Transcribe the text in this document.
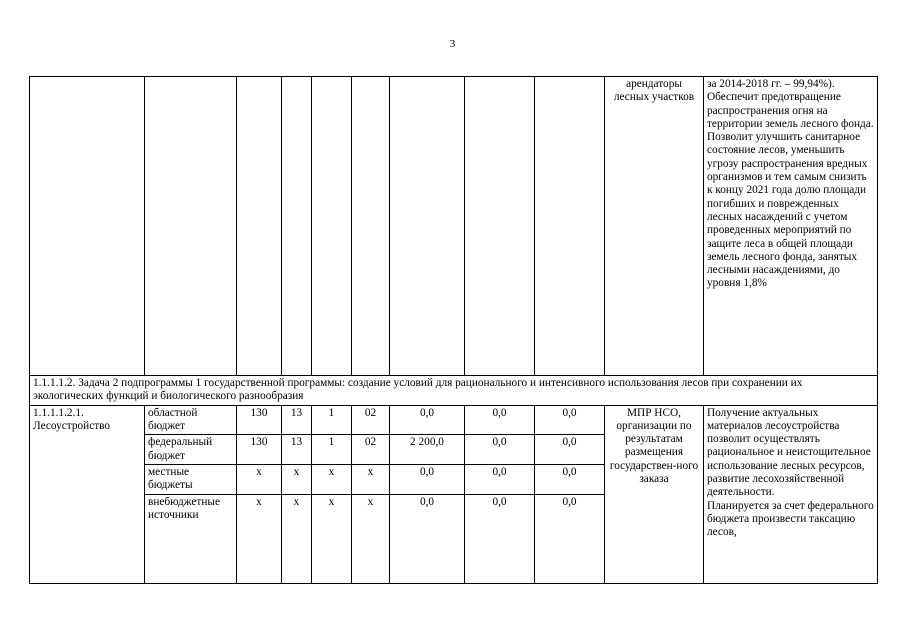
3
									арендаторы лесных участков	за 2014-2018 гг. – 99,94%).

Обеспечит предотвращение распространения огня на территории земель лесного фонда.

Позволит улучшить санитарное состояние лесов, уменьшить угрозу распространения вредных организмов и тем самым снизить к концу 2021 года долю площади погибших и поврежденных лесных насаждений с учетом проведенных мероприятий по защите леса в общей площади земель лесного фонда, занятых лесными насаждениями, до уровня 1,8%

1.1.1.1.2. Задача 2 подпрограммы 1 государственной программы: создание условий для рационального и интенсивного использования лесов при сохранении их экологических функций и биологического разнообразия										
1.1.1.1.2.1. Лесоустройство	областной бюджет	130	13	1	02	0,0	0,0	0,0	МПР НСО, организации по результатам размещения государствен-ного заказа	Получение актуальных материалов лесоустройства позволит осуществлять рациональное и неистощительное использование лесных ресурсов, развитие лесохозяйственной деятельности.

Планируется за счет федерального бюджета произвести таксацию лесов,

	федеральный бюджет	130	13	1	02	2 200,0	0,0	0,0		
	местные бюджеты	x	x	x	x	0,0	0,0	0,0		
	внебюджетные источники	x	x	x	x	0,0	0,0	0,0		
